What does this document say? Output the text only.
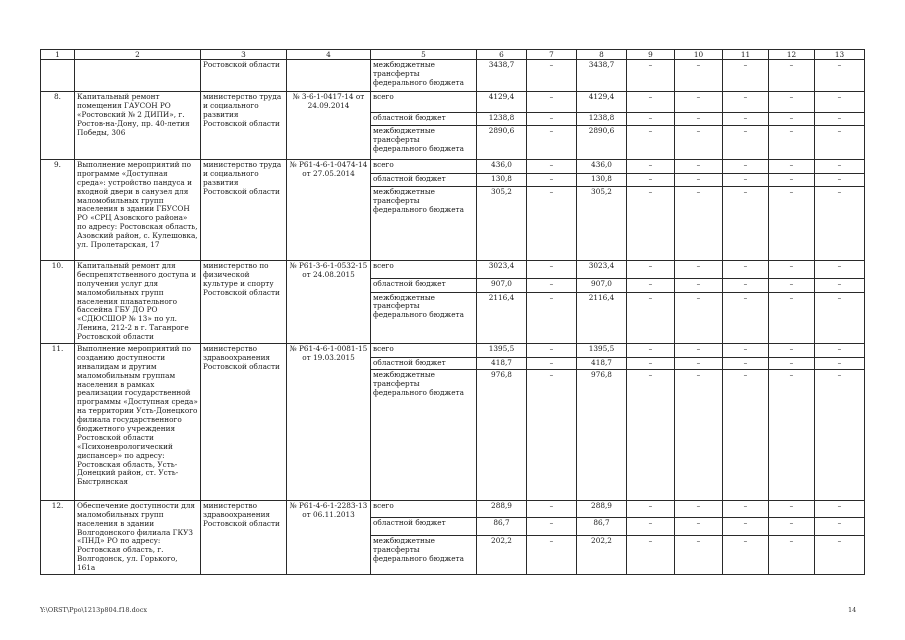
1	2	3	4	5	6	7	8	9	10	11	12	13
		Ростовской области		межбюджетные трансферты федерального бюджета	3438,7	–	3438,7	–	–	–	–	–
8.	Капитальный ремонт помещения ГАУСОН РО «Ростовский № 2 ДИПИ», г. Ростов-на-Дону, пр. 40-летия Победы, 306	министерство труда и социального развития Ростовской области	№ 3-6-1-0417-14 от 24.09.2014	всего	4129,4	–	4129,4	–	–	–	–	–
				областной бюджет	1238,8	–	1238,8	–	–	–	–	–
				межбюджетные трансферты федерального бюджета	2890,6	–	2890,6	–	–	–	–	–
9.	Выполнение мероприятий по программе «Доступная среда»: устройство пандуса и входной двери в санузел для маломобильных групп населения в здании ГБУСОН РО «СРЦ Азовского района» по адресу: Ростовская область, Азовский район, с. Кулешовка, ул. Пролетарская, 17	министерство труда и социального развития Ростовской области	№ Р61-4-6-1-0474-14 от 27.05.2014	всего	436,0	–	436,0	–	–	–	–	–
				областной бюджет	130,8	–	130,8	–	–	–	–	–
				межбюджетные трансферты федерального бюджета	305,2	–	305,2	–	–	–	–	–
10.	Капитальный ремонт для беспрепятственного доступа и получения услуг для маломобильных групп населения плавательного бассейна ГБУ ДО РО «СДЮСШОР № 13» по ул. Ленина, 212-2 в г. Таганроге Ростовской области	министерство по физической культуре и спорту Ростовской области	№ Р61-3-6-1-0532-15 от 24.08.2015	всего	3023,4	–	3023,4	–	–	–	–	–
				областной бюджет	907,0	–	907,0	–	–	–	–	–
				межбюджетные трансферты федерального бюджета	2116,4	–	2116,4	–	–	–	–	–
11.	Выполнение мероприятий по созданию доступности инвалидам и другим маломобильным группам населения в рамках реализации государственной программы «Доступная среда» на территории Усть-Донецкого филиала государственного бюджетного учреждения Ростовской области «Психоневрологический диспансер» по адресу: Ростовская область, Усть-Донецкий район, ст. Усть-Быстрянская	министерство здравоохранения Ростовской области	№ Р61-4-6-1-0081-15 от 19.03.2015	всего	1395,5	–	1395,5	–	–	–	–	–
				областной бюджет	418,7	–	418,7	–	–	–	–	–
				межбюджетные трансферты федерального бюджета	976,8	–	976,8	–	–	–	–	–
12.	Обеспечение доступности для маломобильных групп населения в здании Волгодонского филиала ГКУЗ «ПНД» РО по адресу: Ростовская область, г. Волгодонск, ул. Горького, 161а	министерство здравоохранения Ростовской области	№ Р61-4-6-1-2283-13 от 06.11.2013	всего	288,9	–	288,9	–	–	–	–	–
				областной бюджет	86,7	–	86,7	–	–	–	–	–
				межбюджетные трансферты федерального бюджета	202,2	–	202,2	–	–	–	–	–
Y:\ORST\Ppo\1213p804.f18.docx	14
